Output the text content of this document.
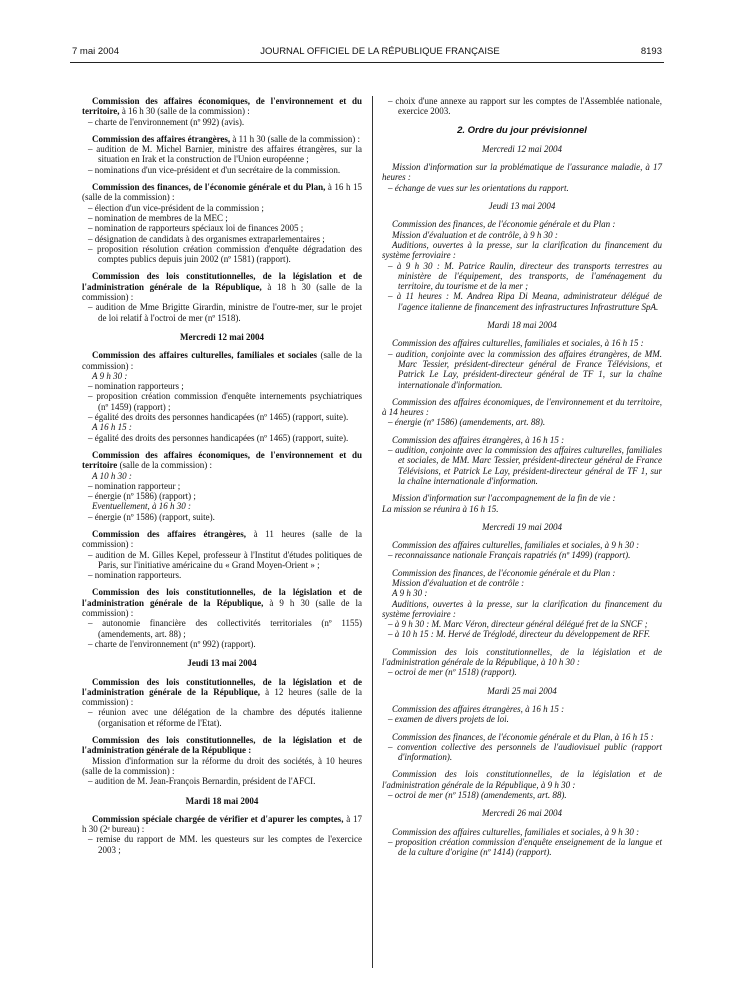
7 mai 2004	JOURNAL OFFICIEL DE LA RÉPUBLIQUE FRANÇAISE	8193

Commission des affaires économiques, de l'environnement et du territoire, à 16 h 30 (salle de la commission) :

– charte de l'environnement (nº 992) (avis).

Commission des affaires étrangères, à 11 h 30 (salle de la commission) :

– audition de M. Michel Barnier, ministre des affaires étrangères, sur la situation en Irak et la construction de l'Union européenne ;
– nominations d'un vice-président et d'un secrétaire de la commission.

Commission des finances, de l'économie générale et du Plan, à 16 h 15 (salle de la commission) :

– élection d'un vice-président de la commission ;
– nomination de membres de la MEC ;
– nomination de rapporteurs spéciaux loi de finances 2005 ;
– désignation de candidats à des organismes extraparlementaires ;
– proposition résolution création commission d'enquête dégradation des comptes publics depuis juin 2002 (nº 1581) (rapport).

Commission des lois constitutionnelles, de la législation et de l'administration générale de la République, à 18 h 30 (salle de la commission) :

– audition de Mme Brigitte Girardin, ministre de l'outre-mer, sur le projet de loi relatif à l'octroi de mer (nº 1518).

Mercredi 12 mai 2004

Commission des affaires culturelles, familiales et sociales (salle de la commission) :

A 9 h 30 :

– nomination rapporteurs ;
– proposition création commission d'enquête internements psychiatriques (nº 1459) (rapport) ;
– égalité des droits des personnes handicapées (nº 1465) (rapport, suite).

A 16 h 15 :

– égalité des droits des personnes handicapées (nº 1465) (rapport, suite).

Commission des affaires économiques, de l'environnement et du territoire (salle de la commission) :

A 10 h 30 :

– nomination rapporteur ;
– énergie (nº 1586) (rapport) ;

Eventuellement, à 16 h 30 :

– énergie (nº 1586) (rapport, suite).

Commission des affaires étrangères, à 11 heures (salle de la commission) :

– audition de M. Gilles Kepel, professeur à l'Institut d'études politiques de Paris, sur l'initiative américaine du « Grand Moyen-Orient » ;
– nomination rapporteurs.

Commission des lois constitutionnelles, de la législation et de l'administration générale de la République, à 9 h 30 (salle de la commission) :

– autonomie financière des collectivités territoriales (nº 1155) (amendements, art. 88) ;
– charte de l'environnement (nº 992) (rapport).

Jeudi 13 mai 2004

Commission des lois constitutionnelles, de la législation et de l'administration générale de la République, à 12 heures (salle de la commission) :

– réunion avec une délégation de la chambre des députés italienne (organisation et réforme de l'Etat).

Commission des lois constitutionnelles, de la législation et de l'administration générale de la République :

Mission d'information sur la réforme du droit des sociétés, à 10 heures (salle de la commission) :

– audition de M. Jean-François Bernardin, président de l'AFCI.

Mardi 18 mai 2004

Commission spéciale chargée de vérifier et d'apurer les comptes, à 17 h 30 (2ᵉ bureau) :

– remise du rapport de MM. les questeurs sur les comptes de l'exercice 2003 ;
– choix d'une annexe au rapport sur les comptes de l'Assemblée nationale, exercice 2003.

2. Ordre du jour prévisionnel

Mercredi 12 mai 2004

Mission d'information sur la problématique de l'assurance maladie, à 17 heures :

– échange de vues sur les orientations du rapport.

Jeudi 13 mai 2004

Commission des finances, de l'économie générale et du Plan :

Mission d'évaluation et de contrôle, à 9 h 30 :

Auditions, ouvertes à la presse, sur la clarification du financement du système ferroviaire :

– à 9 h 30 : M. Patrice Raulin, directeur des transports terrestres au ministère de l'équipement, des transports, de l'aménagement du territoire, du tourisme et de la mer ;
– à 11 heures : M. Andrea Ripa Di Meana, administrateur délégué de l'agence italienne de financement des infrastructures Infrastrutture SpA.

Mardi 18 mai 2004

Commission des affaires culturelles, familiales et sociales, à 16 h 15 :

– audition, conjointe avec la commission des affaires étrangères, de MM. Marc Tessier, président-directeur général de France Télévisions, et Patrick Le Lay, président-directeur général de TF 1, sur la chaîne internationale d'information.

Commission des affaires économiques, de l'environnement et du territoire, à 14 heures :

– énergie (nº 1586) (amendements, art. 88).

Commission des affaires étrangères, à 16 h 15 :

– audition, conjointe avec la commission des affaires culturelles, familiales et sociales, de MM. Marc Tessier, président-directeur général de France Télévisions, et Patrick Le Lay, président-directeur général de TF 1, sur la chaîne internationale d'information.

Mission d'information sur l'accompagnement de la fin de vie :

La mission se réunira à 16 h 15.

Mercredi 19 mai 2004

Commission des affaires culturelles, familiales et sociales, à 9 h 30 :

– reconnaissance nationale Français rapatriés (nº 1499) (rapport).

Commission des finances, de l'économie générale et du Plan :

Mission d'évaluation et de contrôle :

A 9 h 30 :

Auditions, ouvertes à la presse, sur la clarification du financement du système ferroviaire :

– à 9 h 30 : M. Marc Véron, directeur général délégué fret de la SNCF ;
– à 10 h 15 : M. Hervé de Tréglodé, directeur du développement de RFF.

Commission des lois constitutionnelles, de la législation et de l'administration générale de la République, à 10 h 30 :

– octroi de mer (nº 1518) (rapport).

Mardi 25 mai 2004

Commission des affaires étrangères, à 16 h 15 :

– examen de divers projets de loi.

Commission des finances, de l'économie générale et du Plan, à 16 h 15 :

– convention collective des personnels de l'audiovisuel public (rapport d'information).

Commission des lois constitutionnelles, de la législation et de l'administration générale de la République, à 9 h 30 :

– octroi de mer (nº 1518) (amendements, art. 88).

Mercredi 26 mai 2004

Commission des affaires culturelles, familiales et sociales, à 9 h 30 :

– proposition création commission d'enquête enseignement de la langue et de la culture d'origine (nº 1414) (rapport).
